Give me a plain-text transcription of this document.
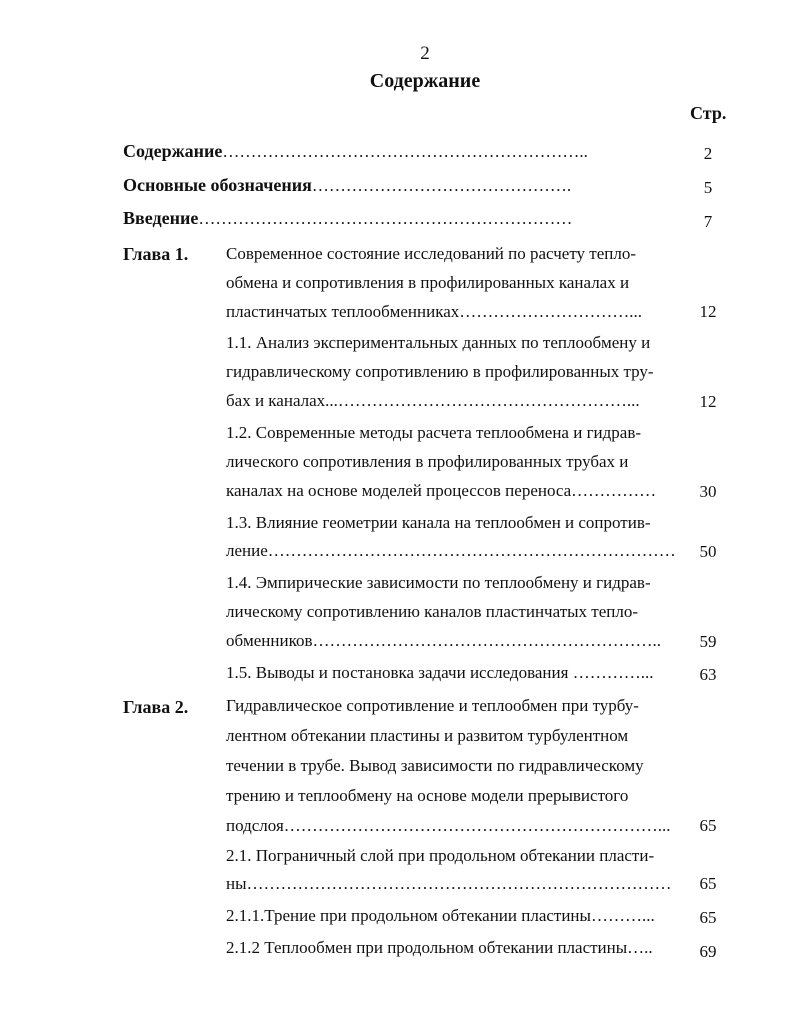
2
Содержание
Стр.
Содержание………………………………………………………..	2
Основные обозначения……………………………………….	5
Введение…………………………………………………………	7
Глава 1. Современное состояние исследований по расчету тепло-
обмена и сопротивления в профилированных каналах и
пластинчатых теплообменниках…………………………...	12
1.1. Анализ экспериментальных данных по теплообмену и
гидравлическому сопротивлению в профилированных тру-
бах и каналах...……………………………………………...	12
1.2. Современные методы расчета теплообмена и гидрав-
лического сопротивления в профилированных трубах и
каналах на основе моделей процессов переноса……………	30
1.3. Влияние геометрии канала на теплообмен и сопротив-
ление………………………………………………………………	50
1.4. Эмпирические зависимости по теплообмену и гидрав-
лическому сопротивлению каналов пластинчатых тепло-
обменников……………………………………………………..	59
1.5. Выводы и постановка задачи исследования …………...	63
Глава 2. Гидравлическое сопротивление и теплообмен при турбу-
лентном обтекании пластины и развитом турбулентном
течении в трубе. Вывод зависимости по гидравлическому
трению и теплообмену на основе модели прерывистого
подслоя…………………………………………………………...	65
2.1. Пограничный слой при продольном обтекании пласти-
ны…………………………………………………………………	65
2.1.1.Трение при продольном обтекании пластины………...	65
2.1.2 Теплообмен при продольном обтекании пластины…..	69
